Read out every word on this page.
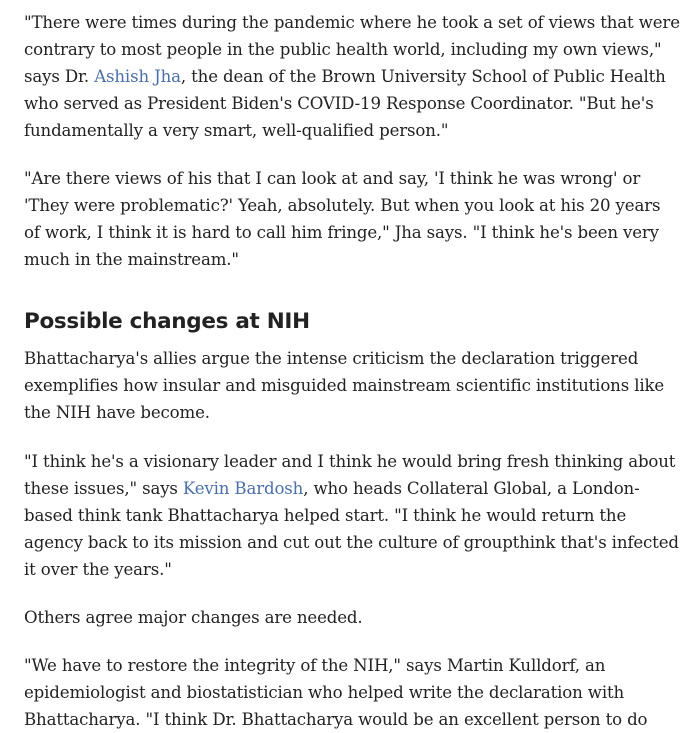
"There were times during the pandemic where he took a set of views that were contrary to most people in the public health world, including my own views," says Dr. Ashish Jha, the dean of the Brown University School of Public Health who served as President Biden's COVID-19 Response Coordinator. "But he's fundamentally a very smart, well-qualified person."

"Are there views of his that I can look at and say, 'I think he was wrong' or 'They were problematic?' Yeah, absolutely. But when you look at his 20 years of work, I think it is hard to call him fringe," Jha says. "I think he's been very much in the mainstream."

Possible changes at NIH

Bhattacharya's allies argue the intense criticism the declaration triggered exemplifies how insular and misguided mainstream scientific institutions like the NIH have become.

"I think he's a visionary leader and I think he would bring fresh thinking about these issues," says Kevin Bardosh, who heads Collateral Global, a London-based think tank Bhattacharya helped start. "I think he would return the agency back to its mission and cut out the culture of groupthink that's infected it over the years."

Others agree major changes are needed.

"We have to restore the integrity of the NIH," says Martin Kulldorf, an epidemiologist and biostatistician who helped write the declaration with Bhattacharya. "I think Dr. Bhattacharya would be an excellent person to do
